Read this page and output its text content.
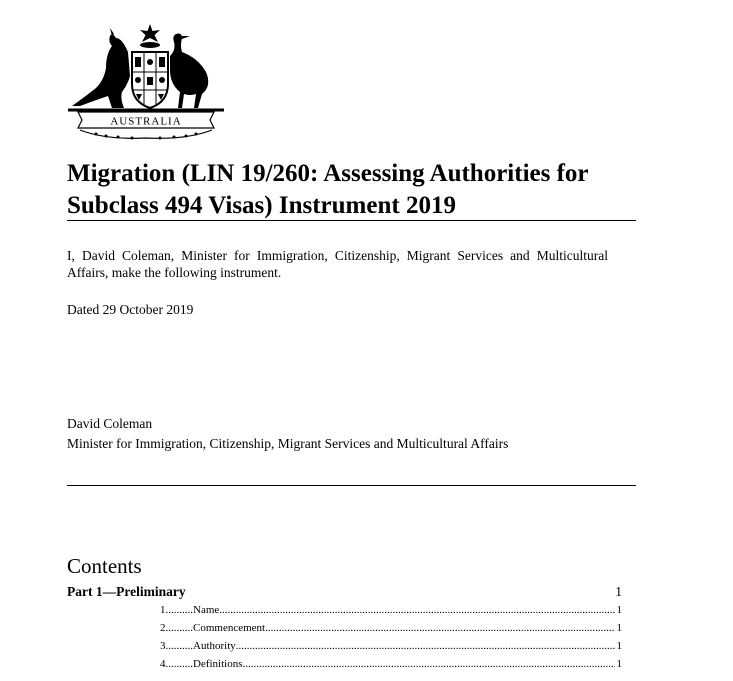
AUSTRALIA
Migration (LIN 19/260: Assessing Authorities for Subclass 494 Visas) Instrument 2019

I, David Coleman, Minister for Immigration, Citizenship, Migrant Services and Multicultural Affairs, make the following instrument.

Dated 29 October 2019

David Coleman

Minister for Immigration, Citizenship, Migrant Services and Multicultural Affairs

Contents
Part 1—Preliminary	1
1 .....	Name .....	1
2 .....	Commencement .....	1
3 .....	Authority .....	1
4 .....	Definitions .....	1
